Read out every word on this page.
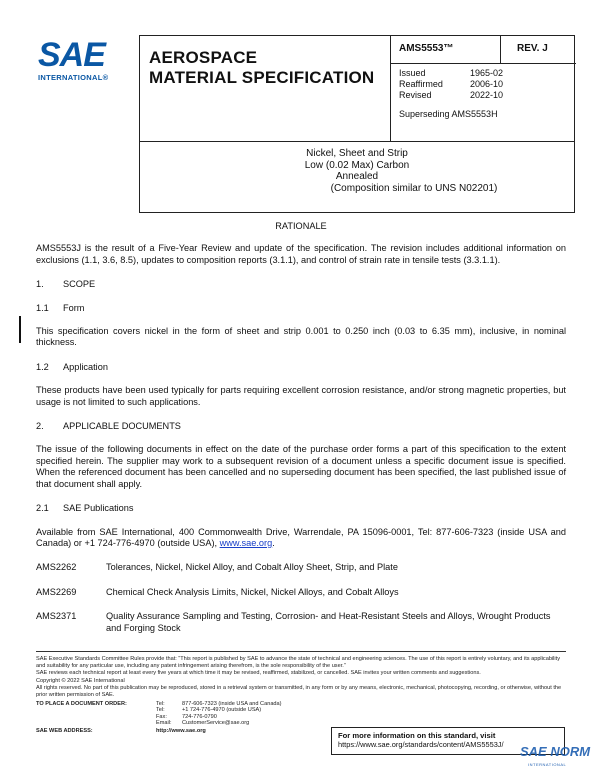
SAE
INTERNATIONAL®
AEROSPACE
MATERIAL SPECIFICATION
AMS5553™	REV. J
Issued	1965-02
Reaffirmed	2006-10
Revised	2022-10
Superseding AMS5553H
Nickel, Sheet and Strip
Low (0.02 Max) Carbon
Annealed
(Composition similar to UNS N02201)
RATIONALE

AMS5553J is the result of a Five-Year Review and update of the specification. The revision includes additional information on exclusions (1.1, 3.6, 8.5), updates to composition reports (3.1.1), and control of strain rate in tensile tests (3.3.1.1).

1.	SCOPE
1.1	Form

This specification covers nickel in the form of sheet and strip 0.001 to 0.250 inch (0.03 to 6.35 mm), inclusive, in nominal thickness.

1.2	Application

These products have been used typically for parts requiring excellent corrosion resistance, and/or strong magnetic properties, but usage is not limited to such applications.

2.	APPLICABLE DOCUMENTS

The issue of the following documents in effect on the date of the purchase order forms a part of this specification to the extent specified herein. The supplier may work to a subsequent revision of a document unless a specific document issue is specified. When the referenced document has been cancelled and no superseding document has been specified, the last published issue of that document shall apply.

2.1	SAE Publications

Available from SAE International, 400 Commonwealth Drive, Warrendale, PA 15096-0001, Tel: 877-606-7323 (inside USA and Canada) or +1 724-776-4970 (outside USA), www.sae.org.

AMS2262	Tolerances, Nickel, Nickel Alloy, and Cobalt Alloy Sheet, Strip, and Plate
AMS2269	Chemical Check Analysis Limits, Nickel, Nickel Alloys, and Cobalt Alloys
AMS2371	Quality Assurance Sampling and Testing, Corrosion- and Heat-Resistant Steels and Alloys, Wrought Products and Forging Stock

SAE Executive Standards Committee Rules provide that: “This report is published by SAE to advance the state of technical and engineering sciences. The use of this report is entirely voluntary, and its applicability and suitability for any particular use, including any patent infringement arising therefrom, is the sole responsibility of the user.”

SAE reviews each technical report at least every five years at which time it may be revised, reaffirmed, stabilized, or cancelled. SAE invites your written comments and suggestions.

Copyright © 2022 SAE International

All rights reserved. No part of this publication may be reproduced, stored in a retrieval system or transmitted, in any form or by any means, electronic, mechanical, photocopying, recording, or otherwise, without the prior written permission of SAE.

TO PLACE A DOCUMENT ORDER:	Tel:	877-606-7323 (inside USA and Canada)
Tel:	+1 724-776-4970 (outside USA)
Fax:	724-776-0790
Email:	CustomerService@sae.org
SAE WEB ADDRESS:	http://www.sae.org
For more information on this standard, visit
https://www.sae.org/standards/content/AMS5553J/	SAE NORM
INTERNATIONAL
